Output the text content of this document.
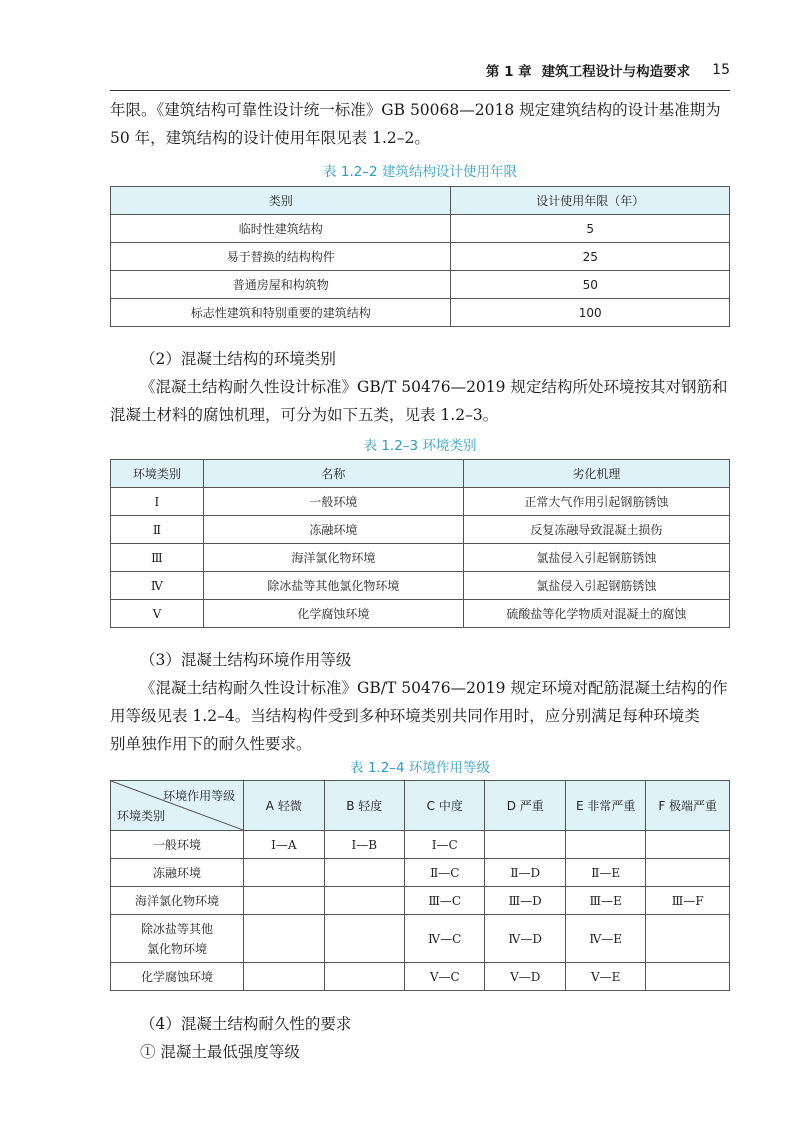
第 1 章 建筑工程设计与构造要求 15
年限。《建筑结构可靠性设计统一标准》GB 50068—2018 规定建筑结构的设计基准期为
50 年，建筑结构的设计使用年限见表 1.2–2。
表 1.2–2 建筑结构设计使用年限
类别	设计使用年限（年）
临时性建筑结构	5
易于替换的结构构件	25
普通房屋和构筑物	50
标志性建筑和特别重要的建筑结构	100
（2）混凝土结构的环境类别
《混凝土结构耐久性设计标准》GB/T 50476—2019 规定结构所处环境按其对钢筋和
混凝土材料的腐蚀机理，可分为如下五类，见表 1.2–3。
表 1.2–3 环境类别
环境类别	名称	劣化机理
Ⅰ	一般环境	正常大气作用引起钢筋锈蚀
Ⅱ	冻融环境	反复冻融导致混凝土损伤
Ⅲ	海洋氯化物环境	氯盐侵入引起钢筋锈蚀
Ⅳ	除冰盐等其他氯化物环境	氯盐侵入引起钢筋锈蚀
Ⅴ	化学腐蚀环境	硫酸盐等化学物质对混凝土的腐蚀
（3）混凝土结构环境作用等级
《混凝土结构耐久性设计标准》GB/T 50476—2019 规定环境对配筋混凝土结构的作
用等级见表 1.2–4。当结构构件受到多种环境类别共同作用时，应分别满足每种环境类
别单独作用下的耐久性要求。
表 1.2–4 环境作用等级
环境作用等级
环境类别	A 轻微	B 轻度	C 中度	D 严重	E 非常严重	F 极端严重
一般环境	Ⅰ—A	Ⅰ—B	Ⅰ—C			
冻融环境			Ⅱ—C	Ⅱ—D	Ⅱ—E	
海洋氯化物环境			Ⅲ—C	Ⅲ—D	Ⅲ—E	Ⅲ—F

除冰盐等其他
氯化物环境			Ⅳ—C	Ⅳ—D	Ⅳ—E	
化学腐蚀环境			Ⅴ—C	Ⅴ—D	Ⅴ—E	
（4）混凝土结构耐久性的要求
① 混凝土最低强度等级
